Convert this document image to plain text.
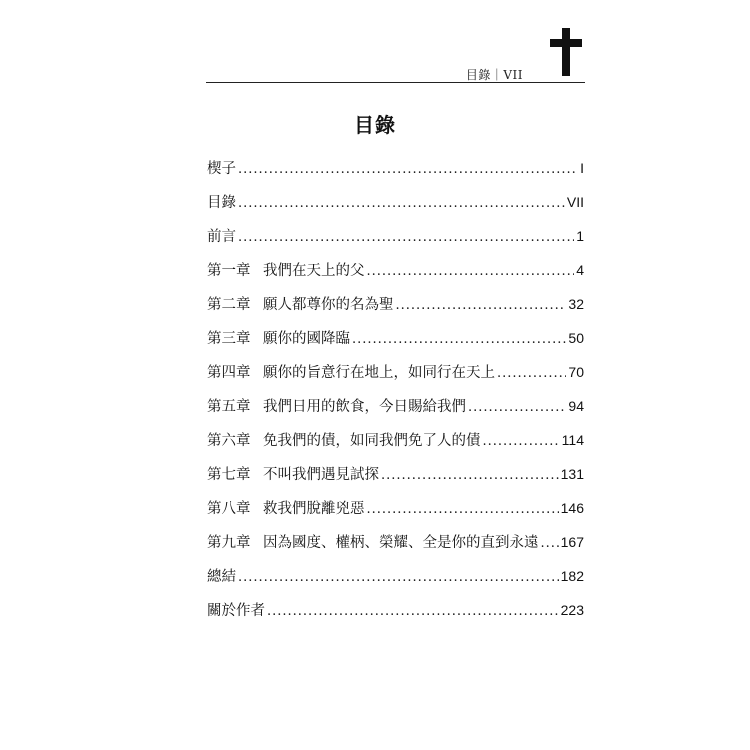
目錄｜VII
目錄
楔子 .....	I
目錄 .....	VII
前言 .....	1
第一章 我們在天上的父 .....	4
第二章 願人都尊你的名為聖 .....	32
第三章 願你的國降臨 .....	50
第四章 願你的旨意行在地上，如同行在天上 .....	70
第五章 我們日用的飲食，今日賜給我們 .....	94
第六章 免我們的債，如同我們免了人的債 .....	114
第七章 不叫我們遇見試探 .....	131
第八章 救我們脫離兇惡 .....	146
第九章 因為國度、權柄、榮耀、全是你的直到永遠 ..... 167
總結 .....	182
關於作者 .....	223
